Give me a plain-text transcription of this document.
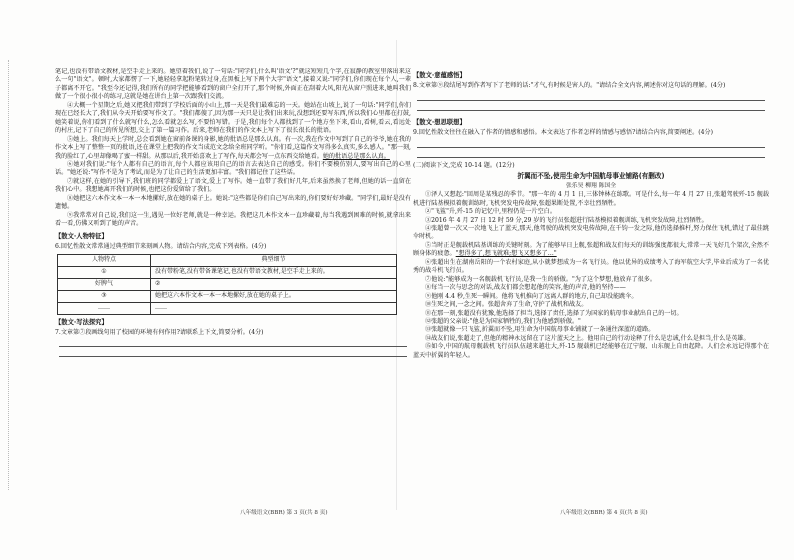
笔记,也没有带语文教材,是空手走上来的。她望着我们,说了一句话:"同学们,什么叫'语文'?"就这短短几个字,在寂静的教室里落出来这么一句"语文"。顿时,大家都愣了一下,她轻轻拿起粉笔转过身,在黑板上写下两个大字"语文",接着又说:"同学们,你们现在每个人,一辈子都离不开它。"我至今还记得,我们所有的同学把能够看到的窗户全打开了,那个时候,外面正在刮着大风,阳光从窗户照进来,她叫我们做了一个很小很小的练习,这就是她在讲台上第一次跟我们交流。

④大概一个星期之后,她又把我们带到了学校后面的小山上,那一天是我们最难忘的一天。她站在山坡上,说了一句话:"同学们,你们现在已经长大了,我们从今天开始要写作文了。"我们都傻了,因为那一天只是让我们出来玩,没想到还要写东西,所以我们心里都在打鼓,她笑着说,你们看到了什么就写什么,怎么看就怎么写,不要怕写错。于是,我们每个人都找到了一个地方坐下来,看山,看树,看云,看远处的村庄,记下了自己的所见所想,交上了第一篇习作。后来,老师在我们的作文本上写下了很长很长的批语。

⑤她上。我们每天上学时,总会看到她在窗前备课的身影,她的批语总是那么认真。有一次,我在作文中写到了自己的爷爷,她在我的作文本上写了整整一页的批语,还在课堂上把我的作文当成范文念给全班同学听。"你们看,这篇作文写得多么真实,多么感人。"那一刻,我的脸红了,心里却像喝了蜜一样甜。从那以后,我开始喜欢上了写作,每天都会写一点东西交给她看。她的批语总是那么认真。

⑥她对我们说:"每个人都有自己的语言,每个人都应该用自己的语言去表达自己的感受。你们不要模仿别人,要写出自己的心里话。"她还说:"写作不是为了考试,而是为了让自己的生活更加丰富。"我们都记住了这些话。

⑦就这样,在她的引导下,我们班的同学都爱上了语文,爱上了写作。她一直带了我们好几年,后来虽然换了老师,但她的话一直留在我们心中。我想她离开我们的时候,也把这份爱留给了我们。

⑧她把这六本作文本一本一本地摞好,放在她的桌子上。她说:"这些都是你们自己写出来的,你们要好好珍藏。"同学们,最好是没有遗憾。

⑨我常常对自己说,我们这一生,遇见一位好老师,就是一种幸运。我把这几本作文本一直珍藏着,每当我遇到困难的时候,就拿出来看一看,仿佛又听到了她的声音。

【散文·人物特征】

6.回忆性散文常常通过典型细节来刻画人物。请结合内容,完成下列表格。(4分)

人物特点	典型细节
①	没有带粉笔,没有带备课笔记,也没有带语文教材,是空手走上来的。
好脾气	②
③	她把这六本作文本一本一本地摞好,放在她的桌子上。
……	……
【散文·写法探究】

7.文章第⑦段画线句用了校园的环境有何作用?请联系上下文,简要分析。(4分)

【散文·意蕴感悟】

8.文章第⑨段结尾写到作者写下了老师的话:"才气,有时候是害人的。"请结合全文内容,阐述你对这句话的理解。(4分)

【散文·想思联想】

9.回忆性散文往往在融入了作者的情感和感悟。本文表达了作者怎样的情感与感悟?请结合内容,简要阐述。(4分)

(二)阅读下文,完成 10-14 题。(12分)

折翼而不坠,使用生命为中国航母事业铺路(有删改)
张乐昊 柳翔 陈国全

①泽人又想起:"回周是某残忍的季节。"那一年的 4 月 1 日,三体钟林在练歌。可是什么,每一年 4 月 27 日,张超驾驶歼-15 舰载机进行陆基模拟着舰训练时,飞机突发电传故障,张超果断处置,不幸壮烈牺牲。

②"飞鲨"升,歼-15 的记忆中,里程仍是一片空白。

③2016 年 4 月 27 日 12 时 59 分,29 岁的飞行员张超进行陆基模拟着舰训练,飞机突发故障,壮烈牺牲。

④张超曾一次又一次地飞上了蓝天,那天,他驾驶的战机突发电传故障,在千钧一发之际,他仍选择推杆,努力保住飞机,错过了最佳跳伞时机。

⑤当时正是舰载机陆基训练的关键时刻。为了能够早日上舰,张超和战友们每天的训练强度都很大,常常一天飞好几个架次,全然不顾身体的疲惫。"想得多了,想飞就难;想飞又想多了…"

⑥张超出生在湖南岳阳的一个农村家庭,从小就梦想成为一名飞行员。他以优异的成绩考入了海军航空大学,毕业后成为了一名优秀的战斗机飞行员。

⑦他说:"能够成为一名舰载机飞行员,是我一生的骄傲。"为了这个梦想,他放弃了很多。

⑧每当一次与思念的对话,战友们都会想起他的笑容,他的声音,他的坚持——

⑨他刚 4.4 秒,生死一瞬间。他将飞机推向了远离人群的地方,自己却没能跳伞。

⑩生死之间,一念之间。张超舍弃了生命,守护了战机和战友。

⑪在那一刻,张超没有犹豫,他选择了担当,选择了责任,选择了为国家的航母事业献出自己的一切。

⑫张超的父亲说:"他是为国家牺牲的,我们为他感到骄傲。"

⑬张超就像一只飞鲨,折翼而不坠,用生命为中国航母事业铺就了一条通往深蓝的道路。

⑭战友们说,张超走了,但他的精神永远留在了这片蓝天之上。他用自己的行动诠释了什么是忠诚,什么是担当,什么是英雄。

⑮如今,中国的航母舰载机飞行员队伍越来越壮大,歼-15 舰载机已经能够在辽宁舰、山东舰上自由起降。人们会永远记得那个在蓝天中折翼的年轻人。

八年级语文(BBR) 第 3 页(共 8 页)	八年级语文(BBR) 第 4 页(共 8 页)
